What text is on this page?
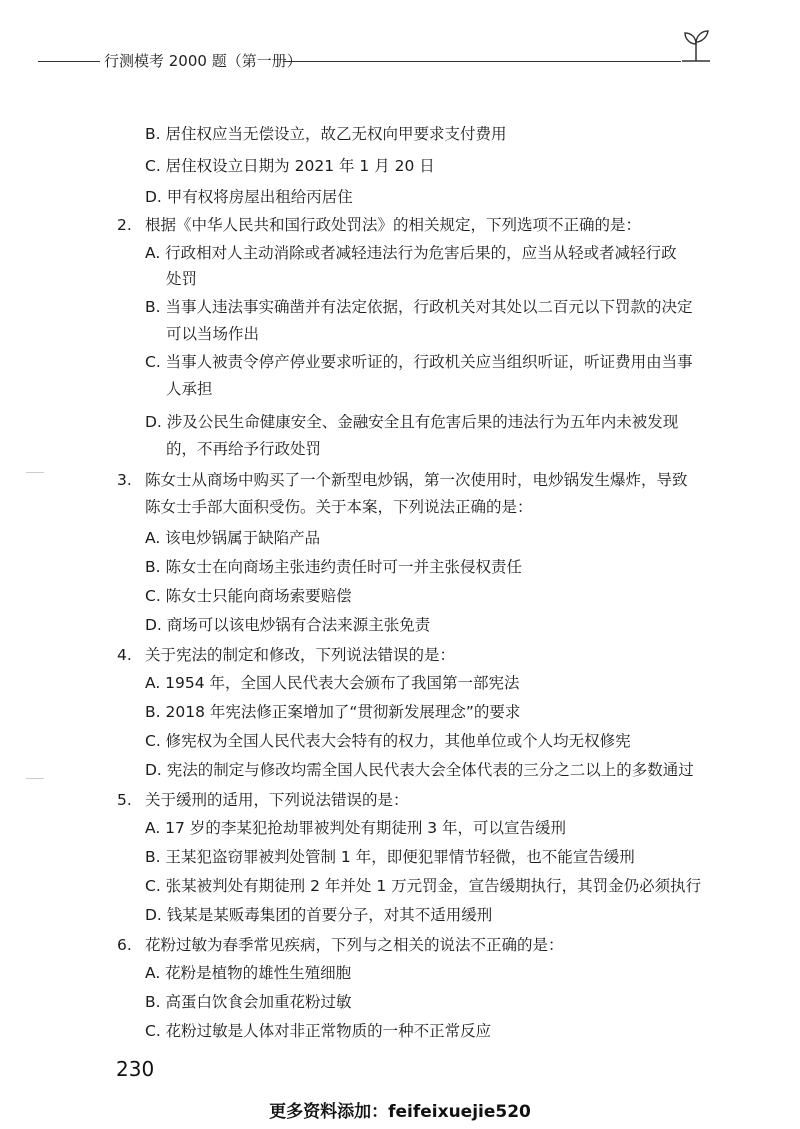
行测模考 2000 题（第一册）
B. 居住权应当无偿设立，故乙无权向甲要求支付费用
C. 居住权设立日期为 2021 年 1 月 20 日
D. 甲有权将房屋出租给丙居住
2. 根据《中华人民共和国行政处罚法》的相关规定，下列选项不正确的是：
A. 行政相对人主动消除或者减轻违法行为危害后果的，应当从轻或者减轻行政
处罚
B. 当事人违法事实确凿并有法定依据，行政机关对其处以二百元以下罚款的决定
可以当场作出
C. 当事人被责令停产停业要求听证的，行政机关应当组织听证，听证费用由当事
人承担
D. 涉及公民生命健康安全、金融安全且有危害后果的违法行为五年内未被发现
的，不再给予行政处罚
3. 陈女士从商场中购买了一个新型电炒锅，第一次使用时，电炒锅发生爆炸，导致
陈女士手部大面积受伤。关于本案，下列说法正确的是：
A. 该电炒锅属于缺陷产品
B. 陈女士在向商场主张违约责任时可一并主张侵权责任
C. 陈女士只能向商场索要赔偿
D. 商场可以该电炒锅有合法来源主张免责
4. 关于宪法的制定和修改，下列说法错误的是：
A. 1954 年，全国人民代表大会颁布了我国第一部宪法
B. 2018 年宪法修正案增加了“贯彻新发展理念”的要求
C. 修宪权为全国人民代表大会特有的权力，其他单位或个人均无权修宪
D. 宪法的制定与修改均需全国人民代表大会全体代表的三分之二以上的多数通过
5. 关于缓刑的适用，下列说法错误的是：
A. 17 岁的李某犯抢劫罪被判处有期徒刑 3 年，可以宣告缓刑
B. 王某犯盗窃罪被判处管制 1 年，即便犯罪情节轻微，也不能宣告缓刑
C. 张某被判处有期徒刑 2 年并处 1 万元罚金，宣告缓期执行，其罚金仍必须执行
D. 钱某是某贩毒集团的首要分子，对其不适用缓刑
6. 花粉过敏为春季常见疾病，下列与之相关的说法不正确的是：
A. 花粉是植物的雄性生殖细胞
B. 高蛋白饮食会加重花粉过敏
C. 花粉过敏是人体对非正常物质的一种不正常反应
230
更多资料添加：feifeixuejie520
